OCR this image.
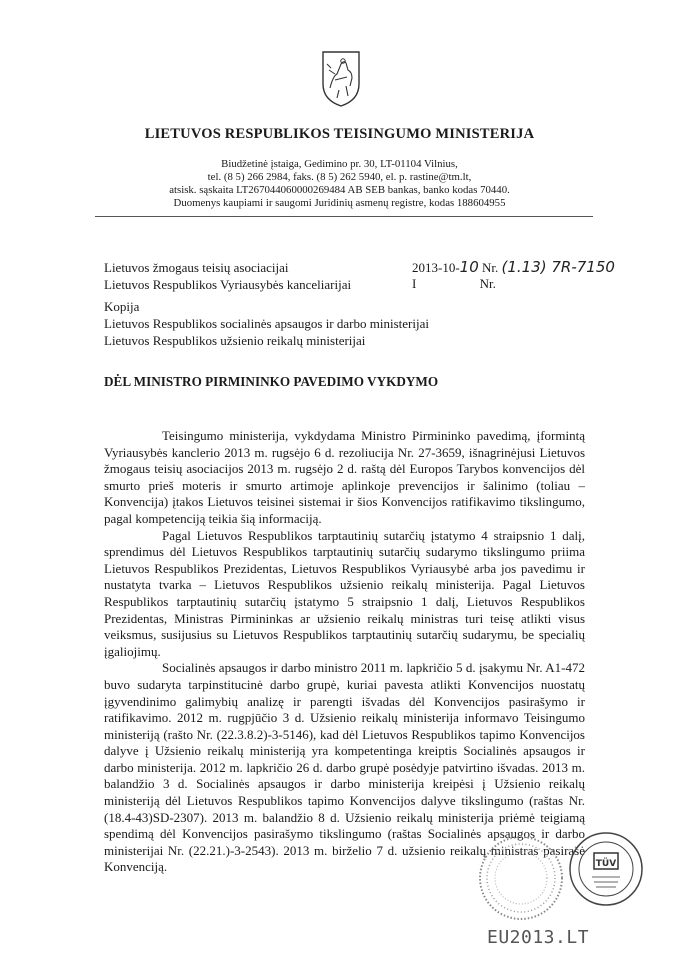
LIETUVOS RESPUBLIKOS TEISINGUMO MINISTERIJA
Biudžetinė įstaiga, Gedimino pr. 30, LT-01104 Vilnius,
tel. (8 5) 266 2984, faks. (8 5) 262 5940, el. p. rastine@tm.lt,
atsisk. sąskaita LT267044060000269484 AB SEB bankas, banko kodas 70440.
Duomenys kaupiami ir saugomi Juridinių asmenų registre, kodas 188604955
Lietuvos žmogaus teisių asociacijai
Lietuvos Respublikos Vyriausybės kanceliarijai
2013-10-10 Nr. (1.13) 7R-7150
I	Nr.
Kopija
Lietuvos Respublikos socialinės apsaugos ir darbo ministerijai
Lietuvos Respublikos užsienio reikalų ministerijai
DĖL MINISTRO PIRMININKO PAVEDIMO VYKDYMO

Teisingumo ministerija, vykdydama Ministro Pirmininko pavedimą, įformintą Vyriausybės kanclerio 2013 m. rugsėjo 6 d. rezoliucija Nr. 27-3659, išnagrinėjusi Lietuvos žmogaus teisių asociacijos 2013 m. rugsėjo 2 d. raštą dėl Europos Tarybos konvencijos dėl smurto prieš moteris ir smurto artimoje aplinkoje prevencijos ir šalinimo (toliau – Konvencija) įtakos Lietuvos teisinei sistemai ir šios Konvencijos ratifikavimo tikslingumo, pagal kompetenciją teikia šią informaciją.

Pagal Lietuvos Respublikos tarptautinių sutarčių įstatymo 4 straipsnio 1 dalį, sprendimus dėl Lietuvos Respublikos tarptautinių sutarčių sudarymo tikslingumo priima Lietuvos Respublikos Prezidentas, Lietuvos Respublikos Vyriausybė arba jos pavedimu ir nustatyta tvarka – Lietuvos Respublikos užsienio reikalų ministerija. Pagal Lietuvos Respublikos tarptautinių sutarčių įstatymo 5 straipsnio 1 dalį, Lietuvos Respublikos Prezidentas, Ministras Pirmininkas ar užsienio reikalų ministras turi teisę atlikti visus veiksmus, susijusius su Lietuvos Respublikos tarptautinių sutarčių sudarymu, be specialių įgaliojimų.

Socialinės apsaugos ir darbo ministro 2011 m. lapkričio 5 d. įsakymu Nr. A1-472 buvo sudaryta tarpinstitucinė darbo grupė, kuriai pavesta atlikti Konvencijos nuostatų įgyvendinimo galimybių analizę ir parengti išvadas dėl Konvencijos pasirašymo ir ratifikavimo. 2012 m. rugpjūčio 3 d. Užsienio reikalų ministerija informavo Teisingumo ministeriją (rašto Nr. (22.3.8.2)-3-5146), kad dėl Lietuvos Respublikos tapimo Konvencijos dalyve į Užsienio reikalų ministeriją yra kompetentinga kreiptis Socialinės apsaugos ir darbo ministerija. 2012 m. lapkričio 26 d. darbo grupė posėdyje patvirtino išvadas. 2013 m. balandžio 3 d. Socialinės apsaugos ir darbo ministerija kreipėsi į Užsienio reikalų ministeriją dėl Lietuvos Respublikos tapimo Konvencijos dalyve tikslingumo (raštas Nr. (18.4-43)SD-2307). 2013 m. balandžio 8 d. Užsienio reikalų ministerija priėmė teigiamą spendimą dėl Konvencijos pasirašymo tikslingumo (raštas Socialinės apsaugos ir darbo ministerijai Nr. (22.21.)-3-2543). 2013 m. birželio 7 d. užsienio reikalų ministras pasirašė Konvenciją.	TÜV
EU2013.LT
